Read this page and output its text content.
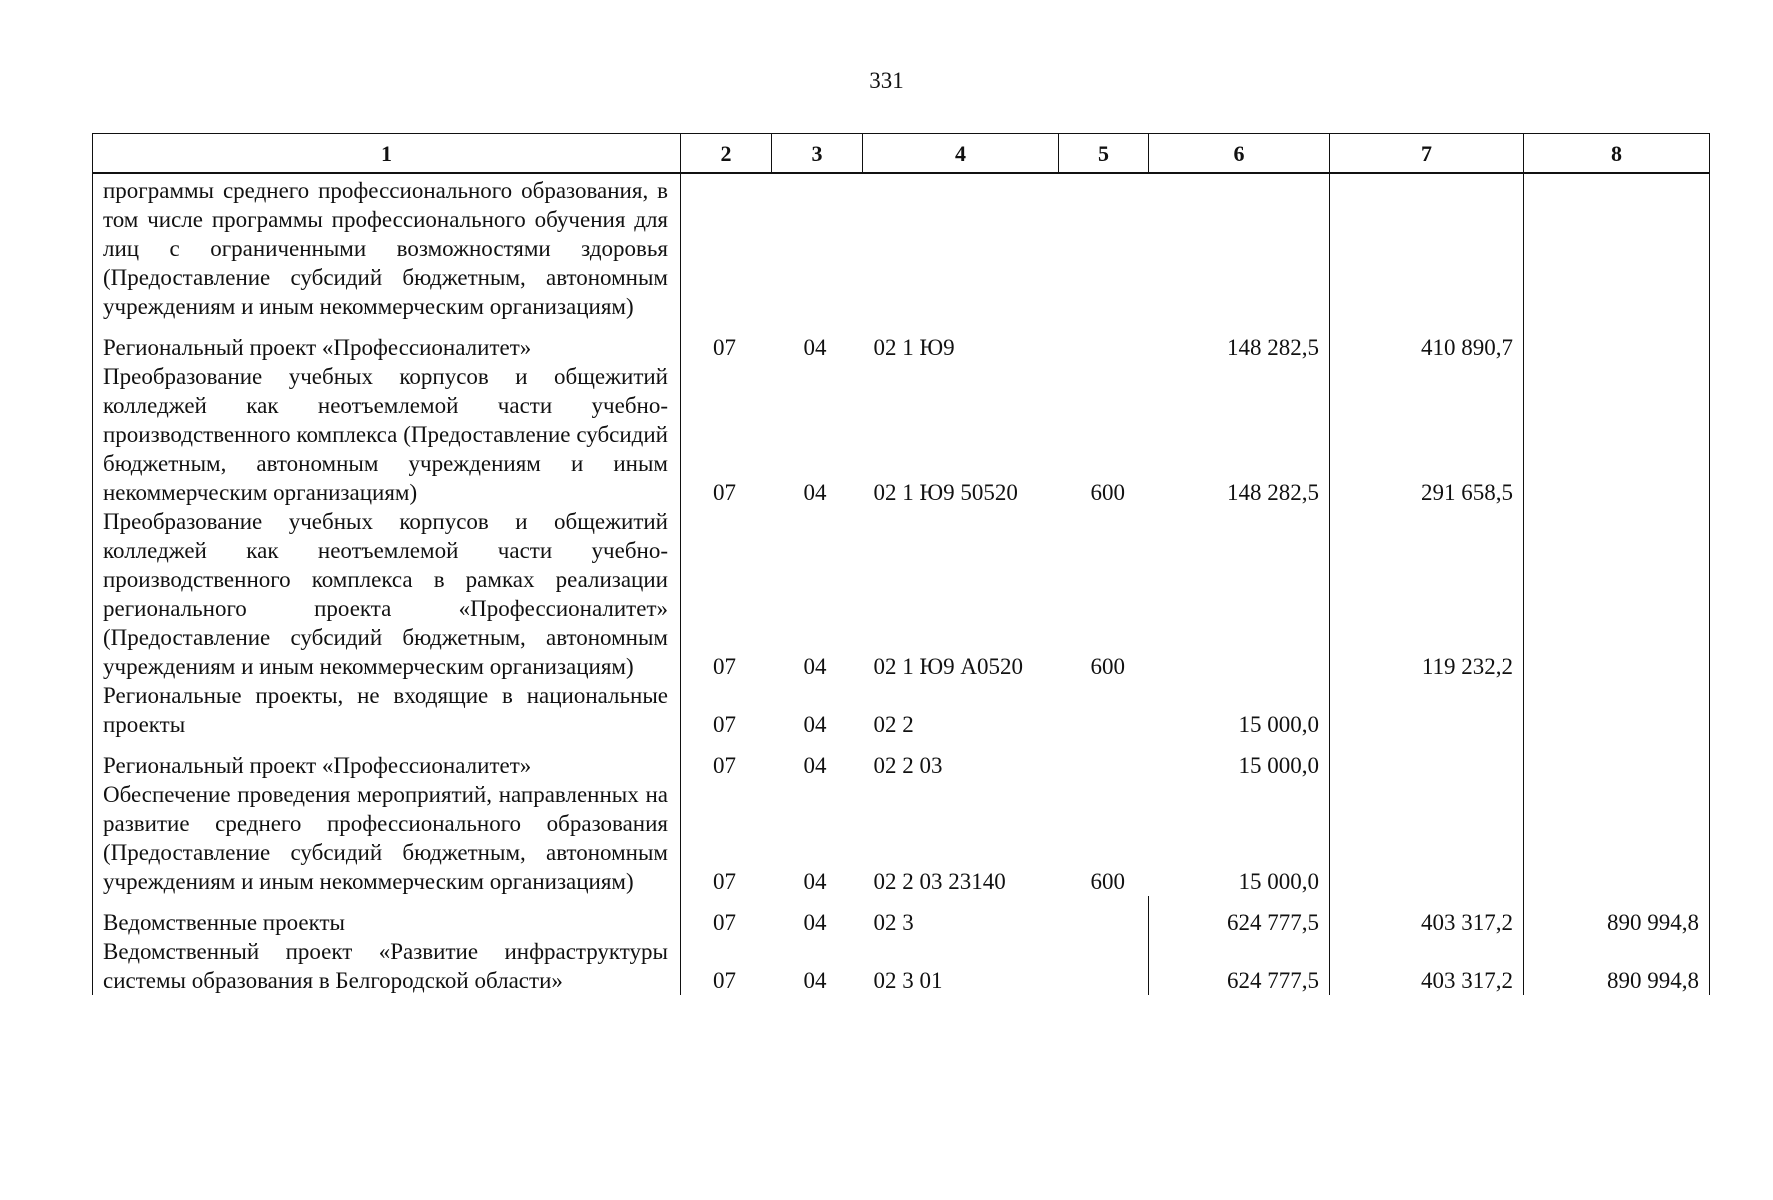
331
1	2	3	4	5	6	7	8
программы среднего профессионального образования, в том числе программы профессионального обучения для лиц с ограниченными возможностями здоровья (Предоставление субсидий бюджетным, автономным учреждениям и иным некоммерческим организациям)							
Региональный проект «Профессионалитет»	07	04	02 1 Ю9		148 282,5	410 890,7	
Преобразование учебных корпусов и общежитий колледжей как неотъемлемой части учебно-производственного комплекса (Предоставление субсидий бюджетным, автономным учреждениям и иным некоммерческим организациям)	07	04	02 1 Ю9 50520	600	148 282,5	291 658,5	
Преобразование учебных корпусов и общежитий колледжей как неотъемлемой части учебно-производственного комплекса в рамках реализации регионального проекта «Профессионалитет» (Предоставление субсидий бюджетным, автономным учреждениям и иным некоммерческим организациям)	07	04	02 1 Ю9 А0520	600		119 232,2	
Региональные проекты, не входящие в национальные проекты	07	04	02 2		15 000,0		
Региональный проект «Профессионалитет»	07	04	02 2 03		15 000,0		
Обеспечение проведения мероприятий, направленных на развитие среднего профессионального образования (Предоставление субсидий бюджетным, автономным учреждениям и иным некоммерческим организациям)	07	04	02 2 03 23140	600	15 000,0		
Ведомственные проекты	07	04	02 3		624 777,5	403 317,2	890 994,8
Ведомственный проект «Развитие инфраструктуры системы образования в Белгородской области»	07	04	02 3 01		624 777,5	403 317,2	890 994,8
